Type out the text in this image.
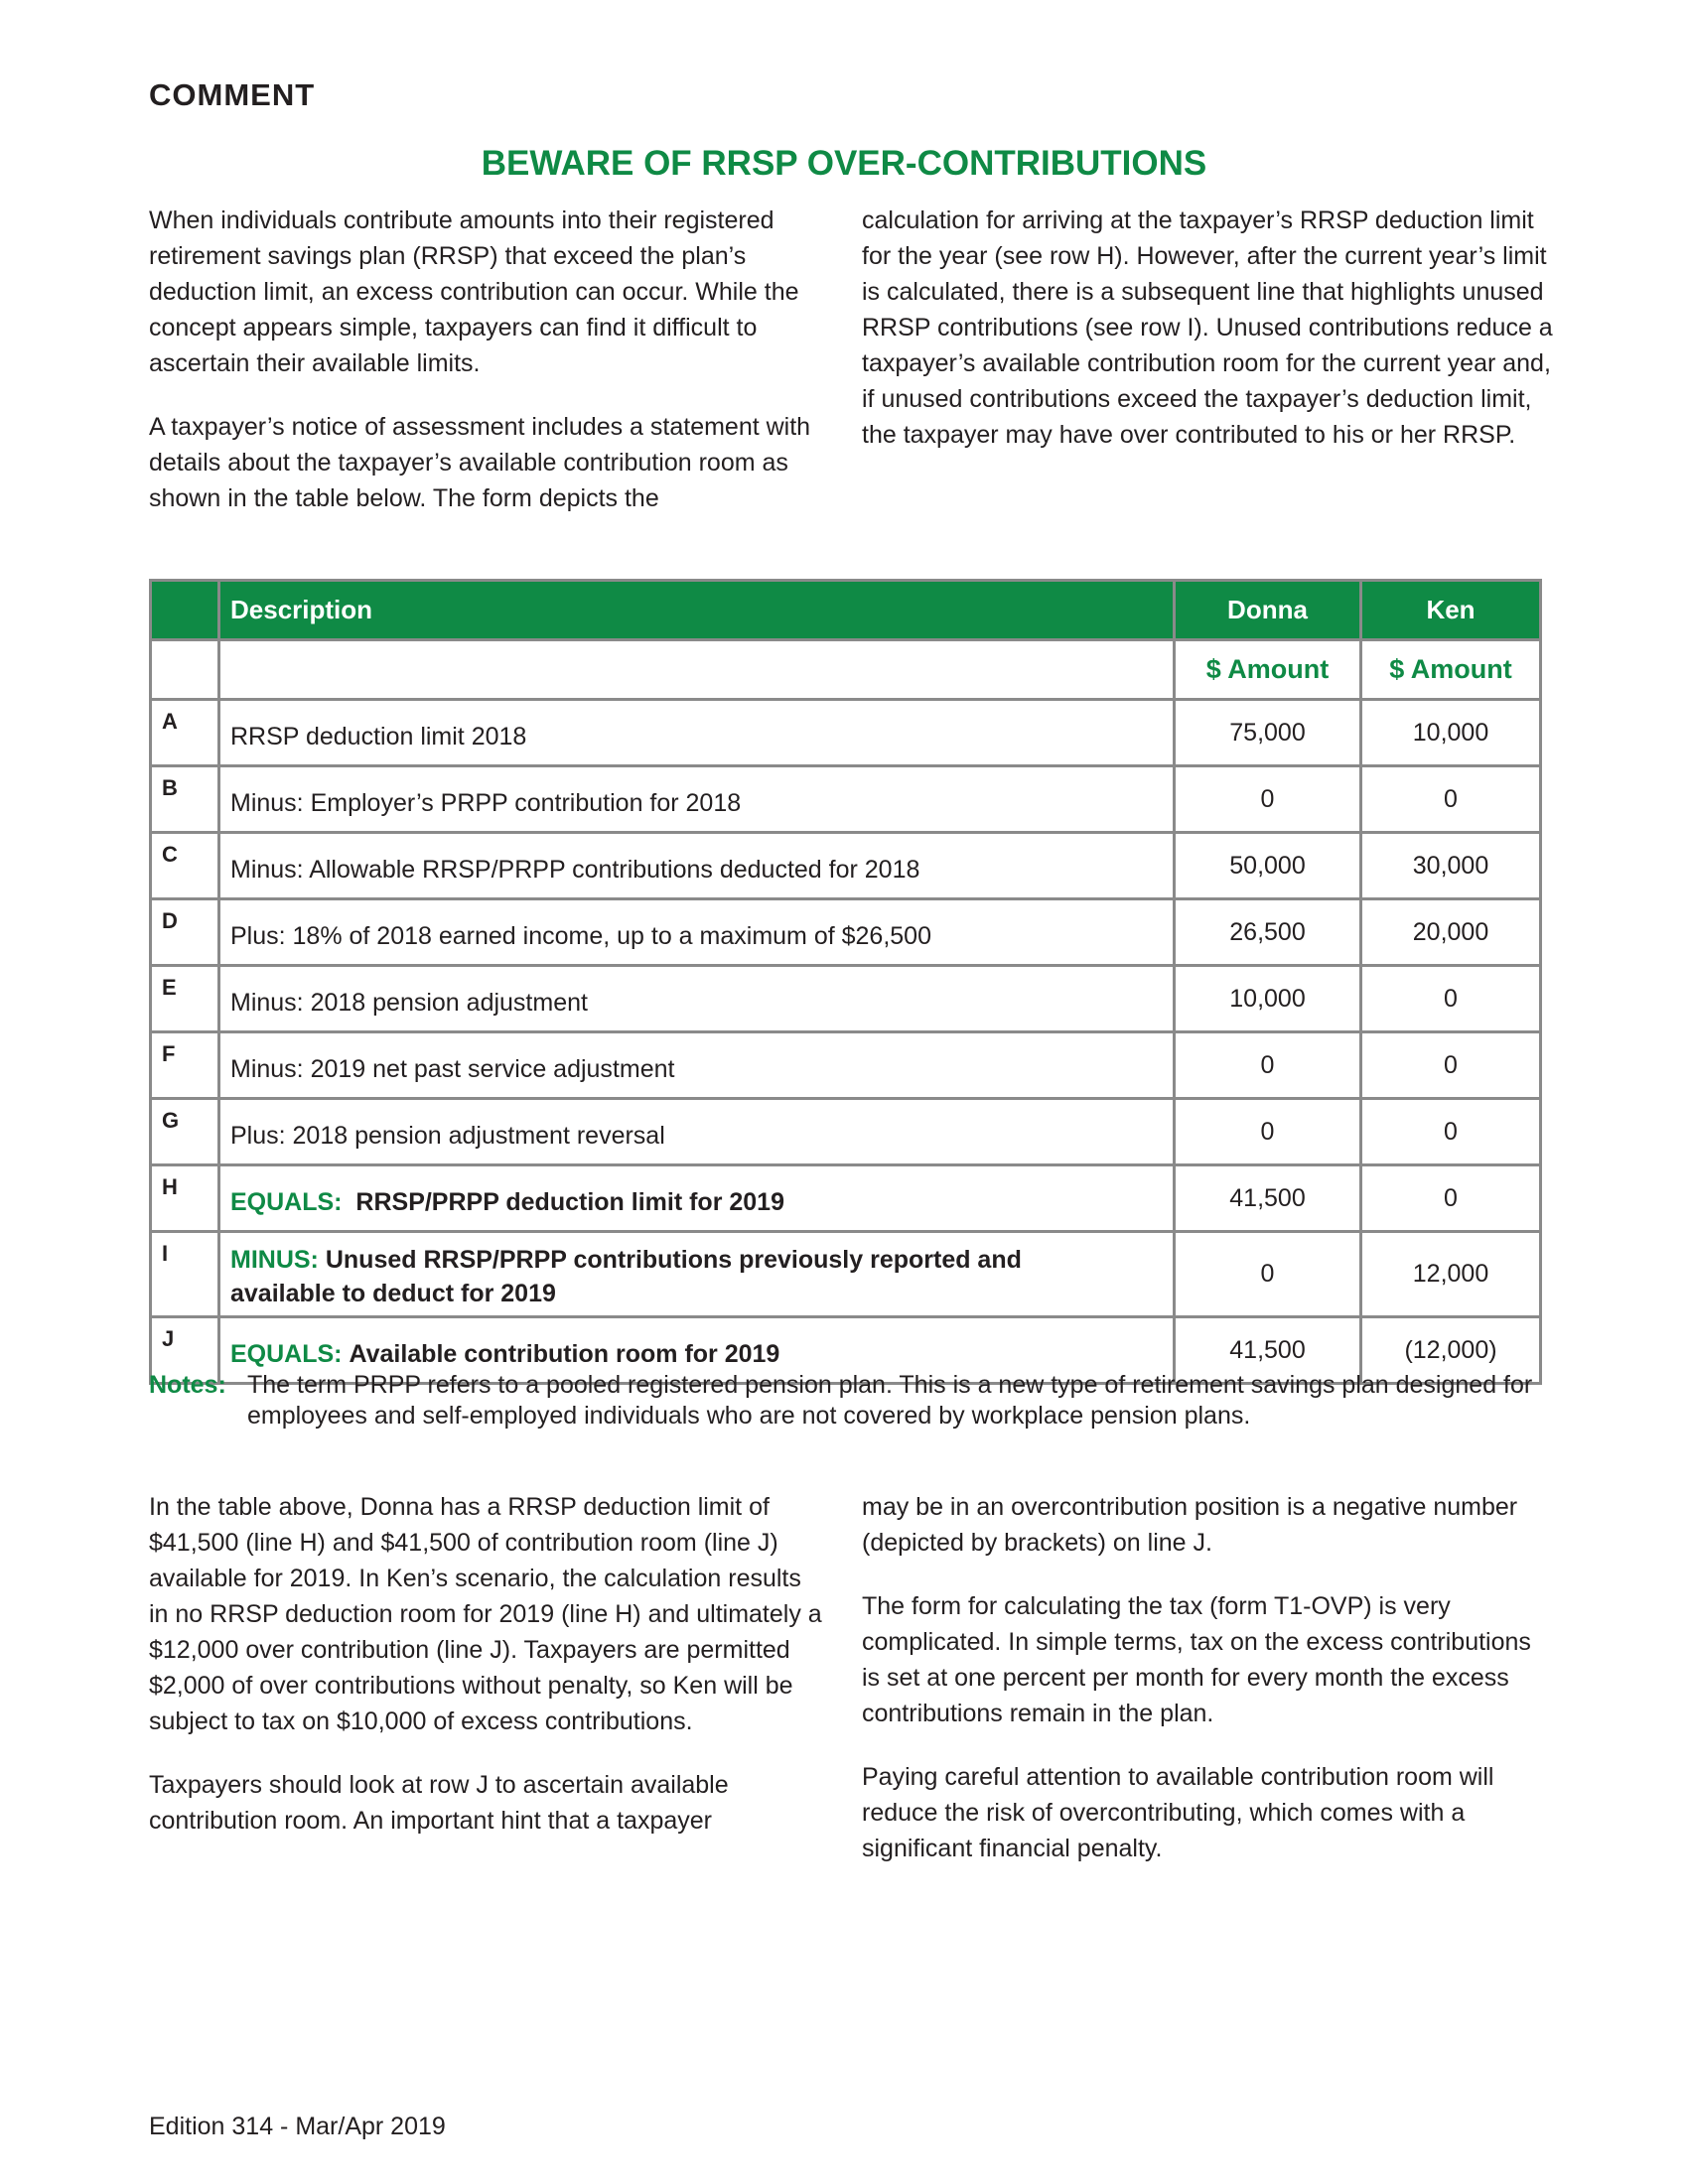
COMMENT
BEWARE OF RRSP OVER-CONTRIBUTIONS

When individuals contribute amounts into their registered retirement savings plan (RRSP) that exceed the plan’s deduction limit, an excess contribution can occur. While the concept appears simple, taxpayers can find it difficult to ascertain their available limits.

A taxpayer’s notice of assessment includes a statement with details about the taxpayer’s available contribution room as shown in the table below. The form depicts the

calculation for arriving at the taxpayer’s RRSP deduction limit for the year (see row H). However, after the current year’s limit is calculated, there is a subsequent line that highlights unused RRSP contributions (see row I). Unused contributions reduce a taxpayer’s available contribution room for the current year and, if unused contributions exceed the taxpayer’s deduction limit, the taxpayer may have over contributed to his or her RRSP.

	Description	Donna	Ken
		$ Amount	$ Amount
A	RRSP deduction limit 2018	75,000	10,000
B	Minus: Employer’s PRPP contribution for 2018	0	0
C	Minus: Allowable RRSP/PRPP contributions deducted for 2018	50,000	30,000
D	Plus: 18% of 2018 earned income, up to a maximum of $26,500	26,500	20,000
E	Minus: 2018 pension adjustment	10,000	0
F	Minus: 2019 net past service adjustment	0	0
G	Plus: 2018 pension adjustment reversal	0	0
H	EQUALS: RRSP/PRPP deduction limit for 2019	41,500	0
I	MINUS: Unused RRSP/PRPP contributions previously reported and available to deduct for 2019	0	12,000
J	EQUALS: Available contribution room for 2019	41,500	(12,000)
Notes: The term PRPP refers to a pooled registered pension plan. This is a new type of retirement savings plan designed for employees and self-employed individuals who are not covered by workplace pension plans.

In the table above, Donna has a RRSP deduction limit of $41,500 (line H) and $41,500 of contribution room (line J) available for 2019. In Ken’s scenario, the calculation results in no RRSP deduction room for 2019 (line H) and ultimately a $12,000 over contribution (line J). Taxpayers are permitted $2,000 of over contributions without penalty, so Ken will be subject to tax on $10,000 of excess contributions.

Taxpayers should look at row J to ascertain available contribution room. An important hint that a taxpayer

may be in an overcontribution position is a negative number (depicted by brackets) on line J.

The form for calculating the tax (form T1-OVP) is very complicated. In simple terms, tax on the excess contributions is set at one percent per month for every month the excess contributions remain in the plan.

Paying careful attention to available contribution room will reduce the risk of overcontributing, which comes with a significant financial penalty.

Edition 314 - Mar/Apr 2019
